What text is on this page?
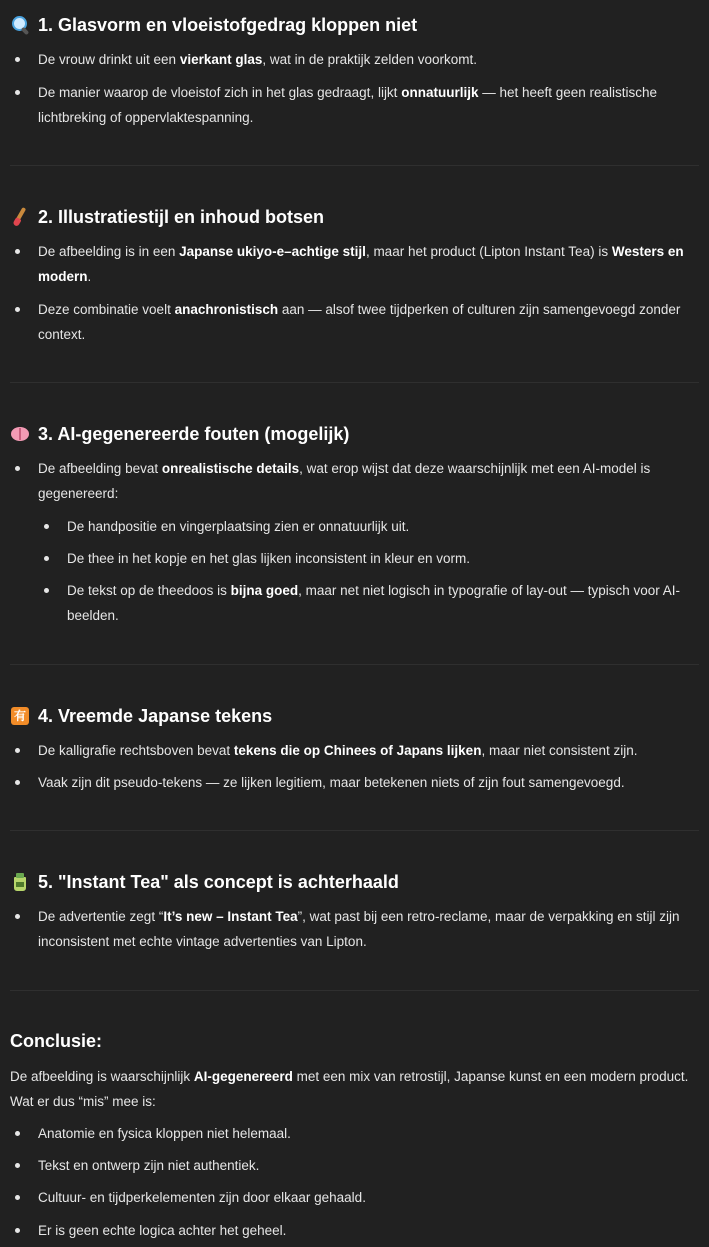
1. Glasvorm en vloeistofgedrag kloppen niet
De vrouw drinkt uit een vierkant glas, wat in de praktijk zelden voorkomt.
De manier waarop de vloeistof zich in het glas gedraagt, lijkt onnatuurlijk — het heeft geen realistische lichtbreking of oppervlaktespanning.
2. Illustratiestijl en inhoud botsen
De afbeelding is in een Japanse ukiyo-e–achtige stijl, maar het product (Lipton Instant Tea) is Westers en modern.
Deze combinatie voelt anachronistisch aan — alsof twee tijdperken of culturen zijn samengevoegd zonder context.
3. AI-gegenereerde fouten (mogelijk)
De afbeelding bevat onrealistische details, wat erop wijst dat deze waarschijnlijk met een AI-model is gegenereerd:
De handpositie en vingerplaatsing zien er onnatuurlijk uit.
De thee in het kopje en het glas lijken inconsistent in kleur en vorm.
De tekst op de theedoos is bijna goed, maar net niet logisch in typografie of lay-out — typisch voor AI-beelden.
有 4. Vreemde Japanse tekens
De kalligrafie rechtsboven bevat tekens die op Chinees of Japans lijken, maar niet consistent zijn.
Vaak zijn dit pseudo-tekens — ze lijken legitiem, maar betekenen niets of zijn fout samengevoegd.
5. "Instant Tea" als concept is achterhaald
De advertentie zegt “It’s new – Instant Tea”, wat past bij een retro-reclame, maar de verpakking en stijl zijn inconsistent met echte vintage advertenties van Lipton.
Conclusie:
De afbeelding is waarschijnlijk AI-gegenereerd met een mix van retrostijl, Japanse kunst en een modern product. Wat er dus “mis” mee is:
Anatomie en fysica kloppen niet helemaal.
Tekst en ontwerp zijn niet authentiek.
Cultuur- en tijdperkelementen zijn door elkaar gehaald.
Er is geen echte logica achter het geheel.
